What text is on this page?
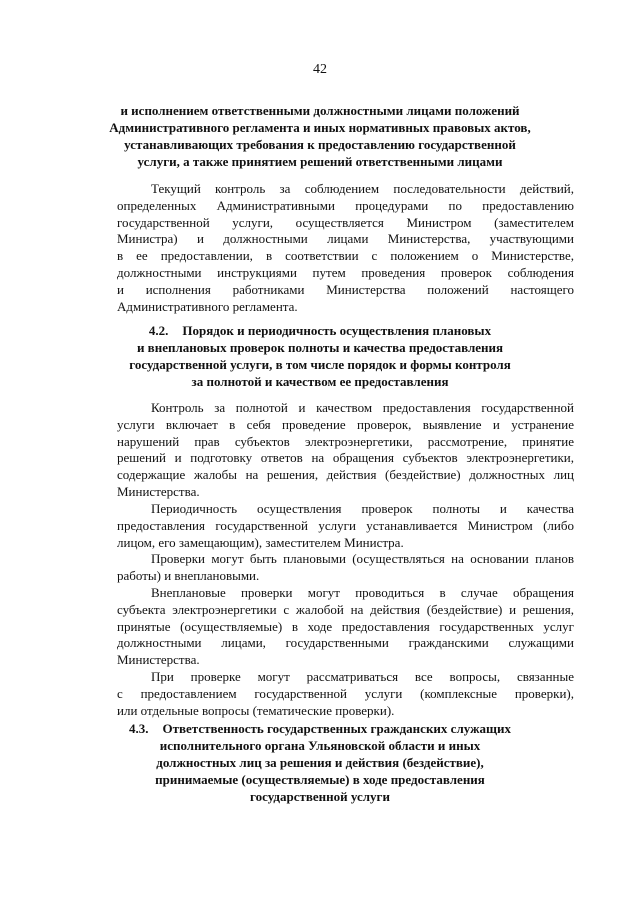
42
и исполнением ответственными должностными лицами положений
Административного регламента и иных нормативных правовых актов,
устанавливающих требования к предоставлению государственной
услуги, а также принятием решений ответственными лицами
Текущий контроль за соблюдением последовательности действий,
определенных Административными процедурами по предоставлению
государственной услуги, осуществляется Министром (заместителем
Министра) и должностными лицами Министерства, участвующими
в ее предоставлении, в соответствии с положением о Министерстве,
должностными инструкциями путем проведения проверок соблюдения
и исполнения работниками Министерства положений настоящего
Административного регламента.
4.2. Порядок и периодичность осуществления плановых
и внеплановых проверок полноты и качества предоставления
государственной услуги, в том числе порядок и формы контроля
за полнотой и качеством ее предоставления
Контроль за полнотой и качеством предоставления государственной
услуги включает в себя проведение проверок, выявление и устранение
нарушений прав субъектов электроэнергетики, рассмотрение, принятие
решений и подготовку ответов на обращения субъектов электроэнергетики,
содержащие жалобы на решения, действия (бездействие) должностных лиц
Министерства.
Периодичность осуществления проверок полноты и качества
предоставления государственной услуги устанавливается Министром (либо
лицом, его замещающим), заместителем Министра.
Проверки могут быть плановыми (осуществляться на основании планов
работы) и внеплановыми.
Внеплановые проверки могут проводиться в случае обращения
субъекта электроэнергетики с жалобой на действия (бездействие) и решения,
принятые (осуществляемые) в ходе предоставления государственных услуг
должностными лицами, государственными гражданскими служащими
Министерства.
При проверке могут рассматриваться все вопросы, связанные
с предоставлением государственной услуги (комплексные проверки),
или отдельные вопросы (тематические проверки).
4.3. Ответственность государственных гражданских служащих
исполнительного органа Ульяновской области и иных
должностных лиц за решения и действия (бездействие),
принимаемые (осуществляемые) в ходе предоставления
государственной услуги
